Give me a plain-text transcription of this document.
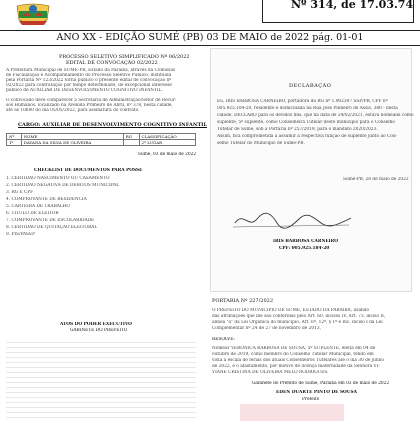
Nº 314, de 17.03.74
ANO XX - EDIÇÃO SUMÉ (PB) 03 DE MAIO de 2022 pág. 01-01
PROCESSO SELETIVO SIMPLIFICADO Nº 06/2022
EDITAL DE CONVOCAÇÃO 02/2022
A Prefeitura Municipal de SUMÉ-PB, Estado da Paraíba, através da Comissão
de Fiscalização e Acompanhamento do Processo Seletivo Público, instituída
pela Portaria Nº 123/2022 torna público o presente edital de convocação nº
02/2022 para contratação por tempo determinado, de excepcional interesse
público de AUXILIAR DE DESENVOLVIMENTO COGNITIVO INFANTIL.
O convocado deve comparecer à Secretaria de Administração/Setor de Recur-
sos Humanos, localizado na Avenida Primeiro de Abril, nº 378, nesta cidade,
até as 10h00 do dia 05/05/2022, para assinatura do contrato.
CARGO: AUXILIAR DE DESENVOLVIMENTO COGNITIVO INFANTIL
Nº	NOME	RG	CLASSIFICAÇÃO
1º	DAYANA DA SILVA DE OLIVEIRA		2º LUGAR
Sumé, 03 de maio de 2022
CHECKLIST DE DOCUMENTOS PARA POSSE
1. CERTIDÃO NASCIMENTO OU CASAMENTO
2. CERTIDÃO NEGATIVA DE DÉBITOS MUNICIPAL
3. RG E CPF
4. COMPROVANTE DE RESIDÊNCIA
5. CARTEIRA DE TRABALHO
6. TÍTULO DE ELEITOR
7. COMPROVANTE DE ESCOLARIDADE
8. CERTIDÃO DE QUITAÇÃO ELEITORAL
9. PIS/PASEP
ATOS DO PODER EXECUTIVO
GABINETE DO PREFEITO
DECLARAÇÃO
Eu, IRIS BARBOSA CARNEIRO, portadora do RG nº 1.902307 SSP/PB, CPF nº
005.925.184-20, residente e domiciliada na Rua José Pinheiro de Assis, 380 - nesta
cidade, DECLARO para os devidos fins, que na data de 24/02/2021, estava nomeada como
suplente, 5º suplente, como Conselheira Tutelar deste município para o Conselho
Tutelar de Sumé, sob a Portaria nº 257/2019, para o mandato 2020/2023.
Assim, fica comprometida a assumir a respectiva função de suplente junto ao Con-
selho Tutelar do Município de Sumé-PB.
Sumé-PB, 28 de maio de 2022
IRIS BARBOSA CARNEIRO
CPF: 005.925.184-20
PORTARIA Nº 227/2022
O PREFEITO DO MUNICÍPIO DE SUMÉ, ESTADO DA PARAÍBA, usando
das atribuições que lhe são conferidas pelo Art. 60, incisos IV, Art. 73, inciso II,
alínea "a" da Lei Orgânica do município, Art. 6º, 12º, § 1º e Inc. inciso I da Lei
Complementar nº 24 de 27 de novembro de 2013,
RESOLVE:
Nomear VERÔNICA BARBOSA DE SOUSA, 5º SUPLENTE, eleita em 04 de
outubro de 2019, como membro do Conselho Tutelar Municipal, tendo em
vista a escala de férias dos atuais Conselheiros Tutelares até o dia 30 de junho
de 2022, e o afastamento, por motivo de licença maternidade da Senhora VI-
VIANE CRISTINA DE OLIVEIRA MELO RODRIGUES.
Gabinete do Prefeito de Sumé, Paraíba em 03 de maio de 2022
ÉDEN DUARTE PINTO DE SOUSA
Prefeito
